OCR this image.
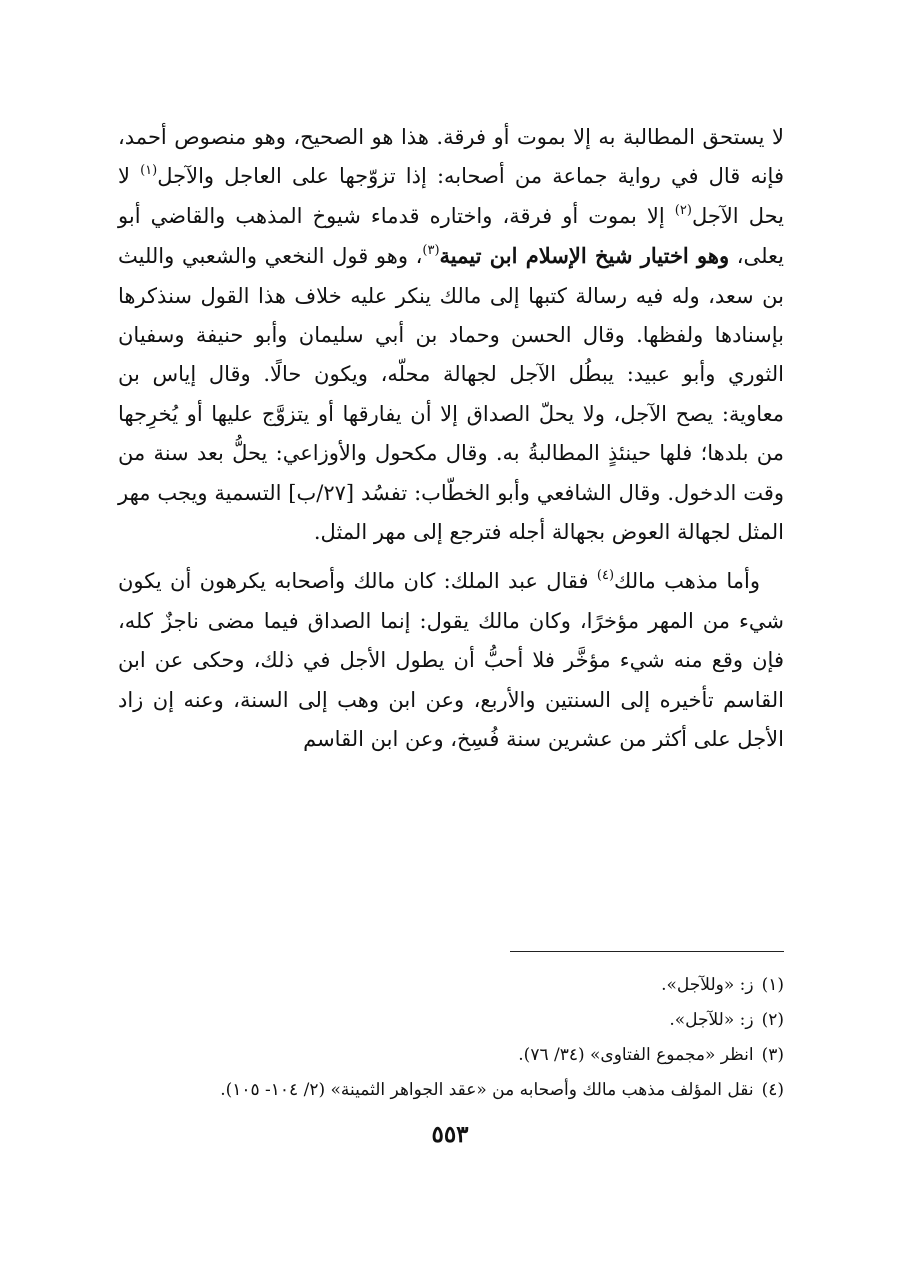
لا يستحق المطالبة به إلا بموت أو فرقة. هذا هو الصحيح، وهو منصوص أحمد، فإنه قال في رواية جماعة من أصحابه: إذا تزوّجها على العاجل والآجل$^{(١)}$ لا يحل الآجل$^{(٢)}$ إلا بموت أو فرقة، واختاره قدماء شيوخ المذهب والقاضي أبو يعلى، وهو اختيار شيخ الإسلام ابن تيمية$^{(٣)}$، وهو قول النخعي والشعبي والليث بن سعد، وله فيه رسالة كتبها إلى مالك ينكر عليه خلاف هذا القول سنذكرها بإسنادها ولفظها. وقال الحسن وحماد بن أبي سليمان وأبو حنيفة وسفيان الثوري وأبو عبيد: يبطُل الآجل لجهالة محلّه، ويكون حالًا. وقال إياس بن معاوية: يصح الآجل، ولا يحلّ الصداق إلا أن يفارقها أو يتزوَّج عليها أو يُخرِجها من بلدها؛ فلها حينئذٍ المطالبةُ به. وقال مكحول والأوزاعي: يحلُّ بعد سنة من وقت الدخول. وقال الشافعي وأبو الخطّاب: تفسُد [٢٧/ب] التسمية ويجب مهر المثل لجهالة العوض بجهالة أجله فترجع إلى مهر المثل.

وأما مذهب مالك$^{(٤)}$ فقال عبد الملك: كان مالك وأصحابه يكرهون أن يكون شيء من المهر مؤخرًا، وكان مالك يقول: إنما الصداق فيما مضى ناجزٌ كله، فإن وقع منه شيء مؤخَّر فلا أحبُّ أن يطول الأجل في ذلك، وحكى عن ابن القاسم تأخيره إلى السنتين والأربع، وعن ابن وهب إلى السنة، وعنه إن زاد الأجل على أكثر من عشرين سنة فُسِخ، وعن ابن القاسم

(١)
ز: «وللآجل».
(٢)
ز: «للآجل».
(٣)
انظر «مجموع الفتاوى» (٣٤/ ٧٦).
(٤)
نقل المؤلف مذهب مالك وأصحابه من «عقد الجواهر الثمينة» (٢/ ١٠٤- ١٠٥).
٥٥٣
